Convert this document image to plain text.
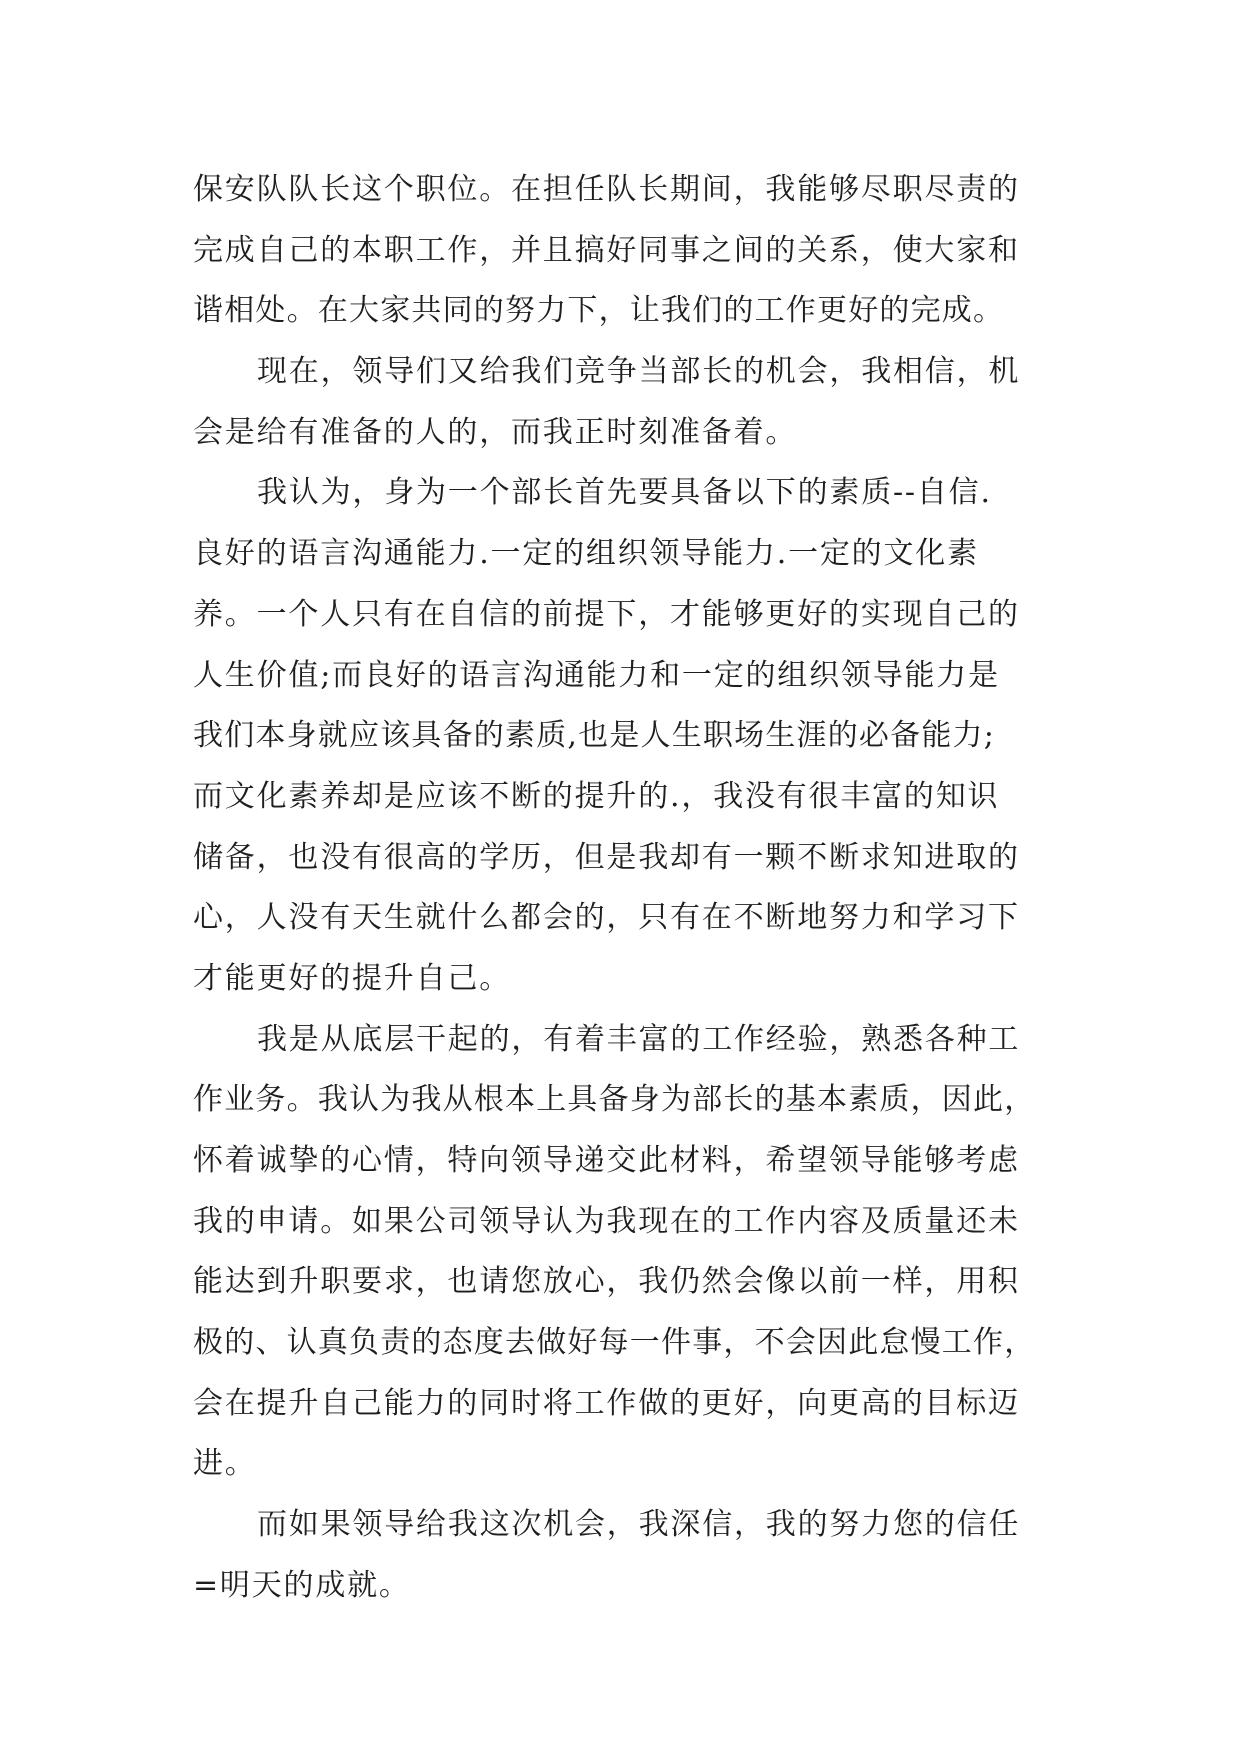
保安队队长这个职位。在担任队长期间，我能够尽职尽责的
完成自己的本职工作，并且搞好同事之间的关系，使大家和
谐相处。在大家共同的努力下，让我们的工作更好的完成。
现在，领导们又给我们竞争当部长的机会，我相信，机
会是给有准备的人的，而我正时刻准备着。
我认为，身为一个部长首先要具备以下的素质--自信.
良好的语言沟通能力.一定的组织领导能力.一定的文化素
养。一个人只有在自信的前提下，才能够更好的实现自己的
人生价值;而良好的语言沟通能力和一定的组织领导能力是
我们本身就应该具备的素质,也是人生职场生涯的必备能力;
而文化素养却是应该不断的提升的.，我没有很丰富的知识
储备，也没有很高的学历，但是我却有一颗不断求知进取的
心，人没有天生就什么都会的，只有在不断地努力和学习下
才能更好的提升自己。
我是从底层干起的，有着丰富的工作经验，熟悉各种工
作业务。我认为我从根本上具备身为部长的基本素质，因此，
怀着诚挚的心情，特向领导递交此材料，希望领导能够考虑
我的申请。如果公司领导认为我现在的工作内容及质量还未
能达到升职要求，也请您放心，我仍然会像以前一样，用积
极的、认真负责的态度去做好每一件事，不会因此怠慢工作，
会在提升自己能力的同时将工作做的更好，向更高的目标迈
进。
而如果领导给我这次机会，我深信，我的努力您的信任
=明天的成就。
